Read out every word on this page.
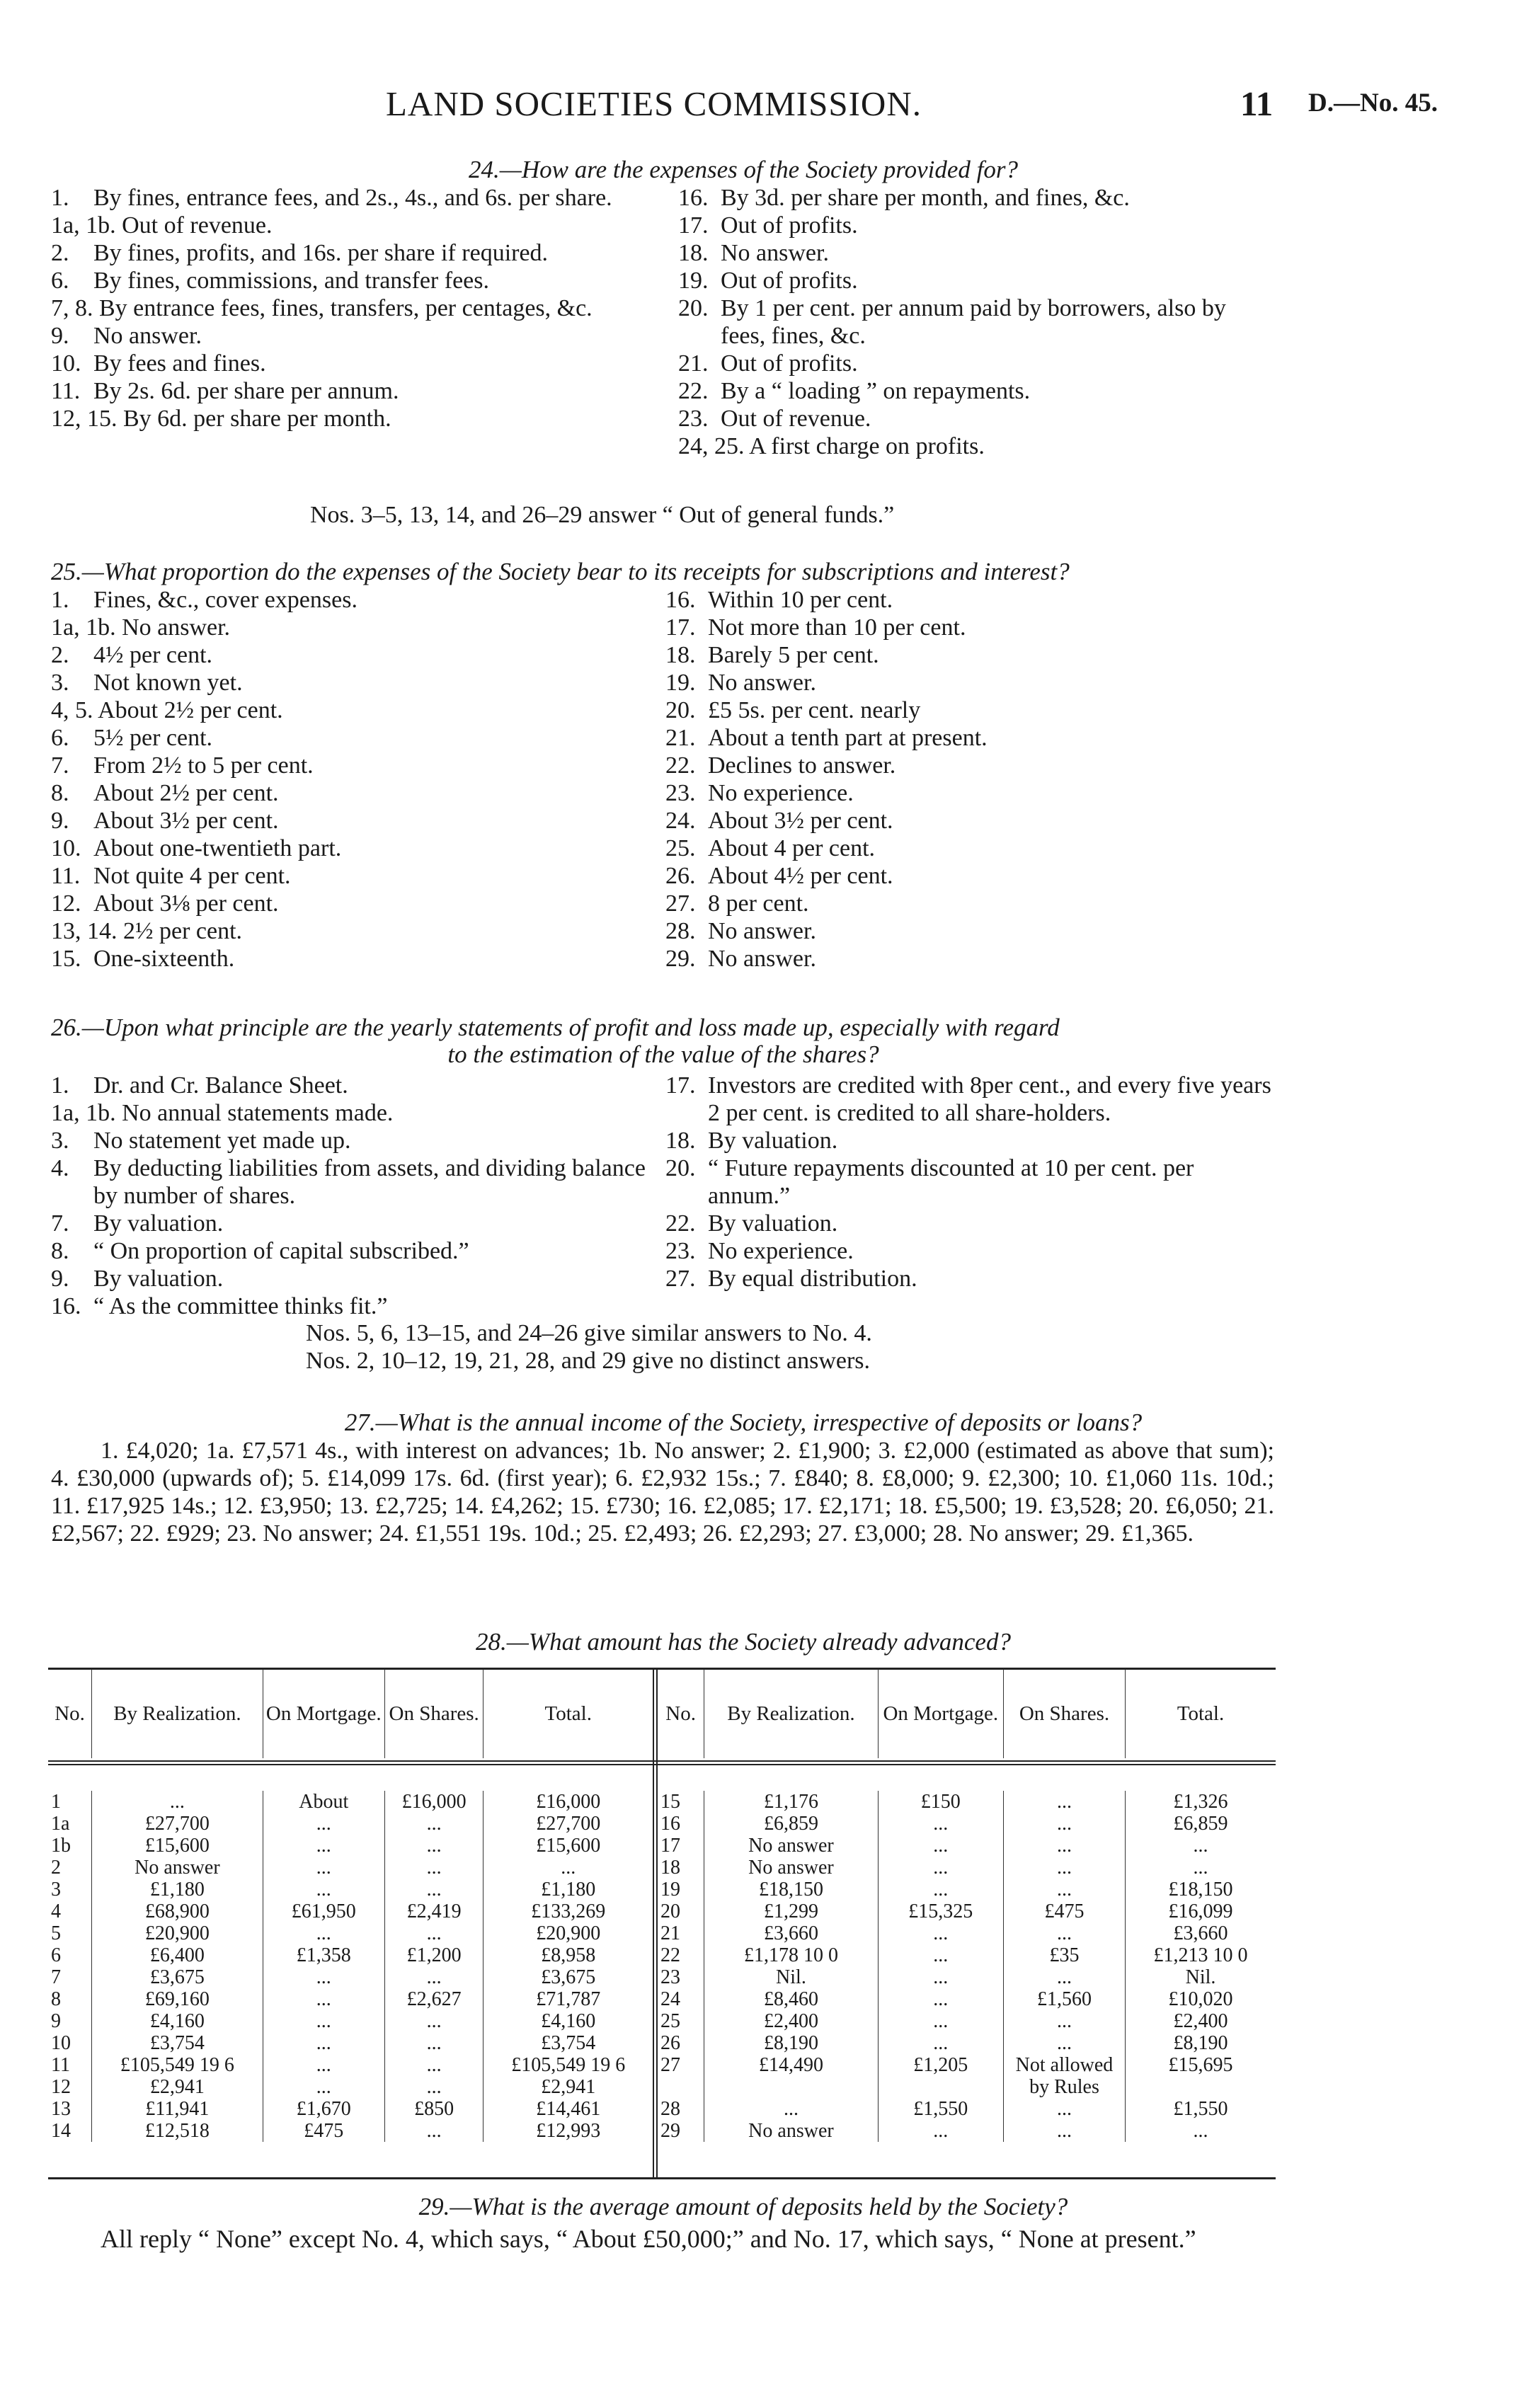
LAND SOCIETIES COMMISSION.	11 D.—No. 45.
24.—How are the expenses of the Society provided for?
1. By fines, entrance fees, and 2s., 4s., and 6s. per share.
1a, 1b. Out of revenue.
2. By fines, profits, and 16s. per share if required.
6. By fines, commissions, and transfer fees.
7, 8. By entrance fees, fines, transfers, per centages, &c.
9. No answer.
10. By fees and fines.
11. By 2s. 6d. per share per annum.
12, 15. By 6d. per share per month.
16. By 3d. per share per month, and fines, &c.
17. Out of profits.
18. No answer.
19. Out of profits.
20. By 1 per cent. per annum paid by borrowers, also by fees, fines, &c.
21. Out of profits.
22. By a “ loading ” on repayments.
23. Out of revenue.
24, 25. A first charge on profits.
Nos. 3–5, 13, 14, and 26–29 answer “ Out of general funds.”
25.—What proportion do the expenses of the Society bear to its receipts for subscriptions and interest?
1. Fines, &c., cover expenses.
1a, 1b. No answer.
2. 4½ per cent.
3. Not known yet.
4, 5. About 2½ per cent.
6. 5½ per cent.
7. From 2½ to 5 per cent.
8. About 2½ per cent.
9. About 3½ per cent.
10. About one-twentieth part.
11. Not quite 4 per cent.
12. About 3⅛ per cent.
13, 14. 2½ per cent.
15. One-sixteenth.
16. Within 10 per cent.
17. Not more than 10 per cent.
18. Barely 5 per cent.
19. No answer.
20. £5 5s. per cent. nearly
21. About a tenth part at present.
22. Declines to answer.
23. No experience.
24. About 3½ per cent.
25. About 4 per cent.
26. About 4½ per cent.
27. 8 per cent.
28. No answer.
29. No answer.
26.—Upon what principle are the yearly statements of profit and loss made up, especially with regard
to the estimation of the value of the shares?
1. Dr. and Cr. Balance Sheet.
1a, 1b. No annual statements made.
3. No statement yet made up.
4. By deducting liabilities from assets, and dividing balance by number of shares.
7. By valuation.
8. “ On proportion of capital subscribed.”
9. By valuation.
16. “ As the committee thinks fit.”
17. Investors are credited with 8per cent., and every five years 2 per cent. is credited to all share-holders.
18. By valuation.
20. “ Future repayments discounted at 10 per cent. per annum.”
22. By valuation.
23. No experience.
27. By equal distribution.
Nos. 5, 6, 13–15, and 24–26 give similar answers to No. 4.
Nos. 2, 10–12, 19, 21, 28, and 29 give no distinct answers.
27.—What is the annual income of the Society, irrespective of deposits or loans?
1. £4,020; 1a. £7,571 4s., with interest on advances; 1b. No answer; 2. £1,900; 3. £2,000 (estimated as above that sum); 4. £30,000 (upwards of); 5. £14,099 17s. 6d. (first year); 6. £2,932 15s.; 7. £840; 8. £8,000; 9. £2,300; 10. £1,060 11s. 10d.; 11. £17,925 14s.; 12. £3,950; 13. £2,725; 14. £4,262; 15. £730; 16. £2,085; 17. £2,171; 18. £5,500; 19. £3,528; 20. £6,050; 21. £2,567; 22. £929; 23. No answer; 24. £1,551 19s. 10d.; 25. £2,493; 26. £2,293; 27. £3,000; 28. No answer; 29. £1,365.
28.—What amount has the Society already advanced?
No.	By Realization.	On Mortgage.	On Shares.	Total.

1	...	About	£16,000	£16,000
1a	£27,700	...	...	£27,700
1b	£15,600	...	...	£15,600
2	No answer	...	...	...
3	£1,180	...	...	£1,180
4	£68,900	£61,950	£2,419	£133,269
5	£20,900	...	...	£20,900
6	£6,400	£1,358	£1,200	£8,958
7	£3,675	...	...	£3,675
8	£69,160	...	£2,627	£71,787
9	£4,160	...	...	£4,160
10	£3,754	...	...	£3,754
11	£105,549 19 6	...	...	£105,549 19 6
12	£2,941	...	...	£2,941
13	£11,941	£1,670	£850	£14,461
14	£12,518	£475	...	£12,993
No.	By Realization.	On Mortgage.	On Shares.	Total.

15	£1,176	£150	...	£1,326
16	£6,859	...	...	£6,859
17	No answer	...	...	...
18	No answer	...	...	...
19	£18,150	...	...	£18,150
20	£1,299	£15,325	£475	£16,099
21	£3,660	...	...	£3,660
22	£1,178 10 0	...	£35	£1,213 10 0
23	Nil.	...	...	Nil.
24	£8,460	...	£1,560	£10,020
25	£2,400	...	...	£2,400
26	£8,190	...	...	£8,190
27	£14,490	£1,205	Not allowed	£15,695
			by Rules	
28	...	£1,550	...	£1,550
29	No answer	...	...	...
29.—What is the average amount of deposits held by the Society?
All reply “ None” except No. 4, which says, “ About £50,000;” and No. 17, which says, “ None at present.”
